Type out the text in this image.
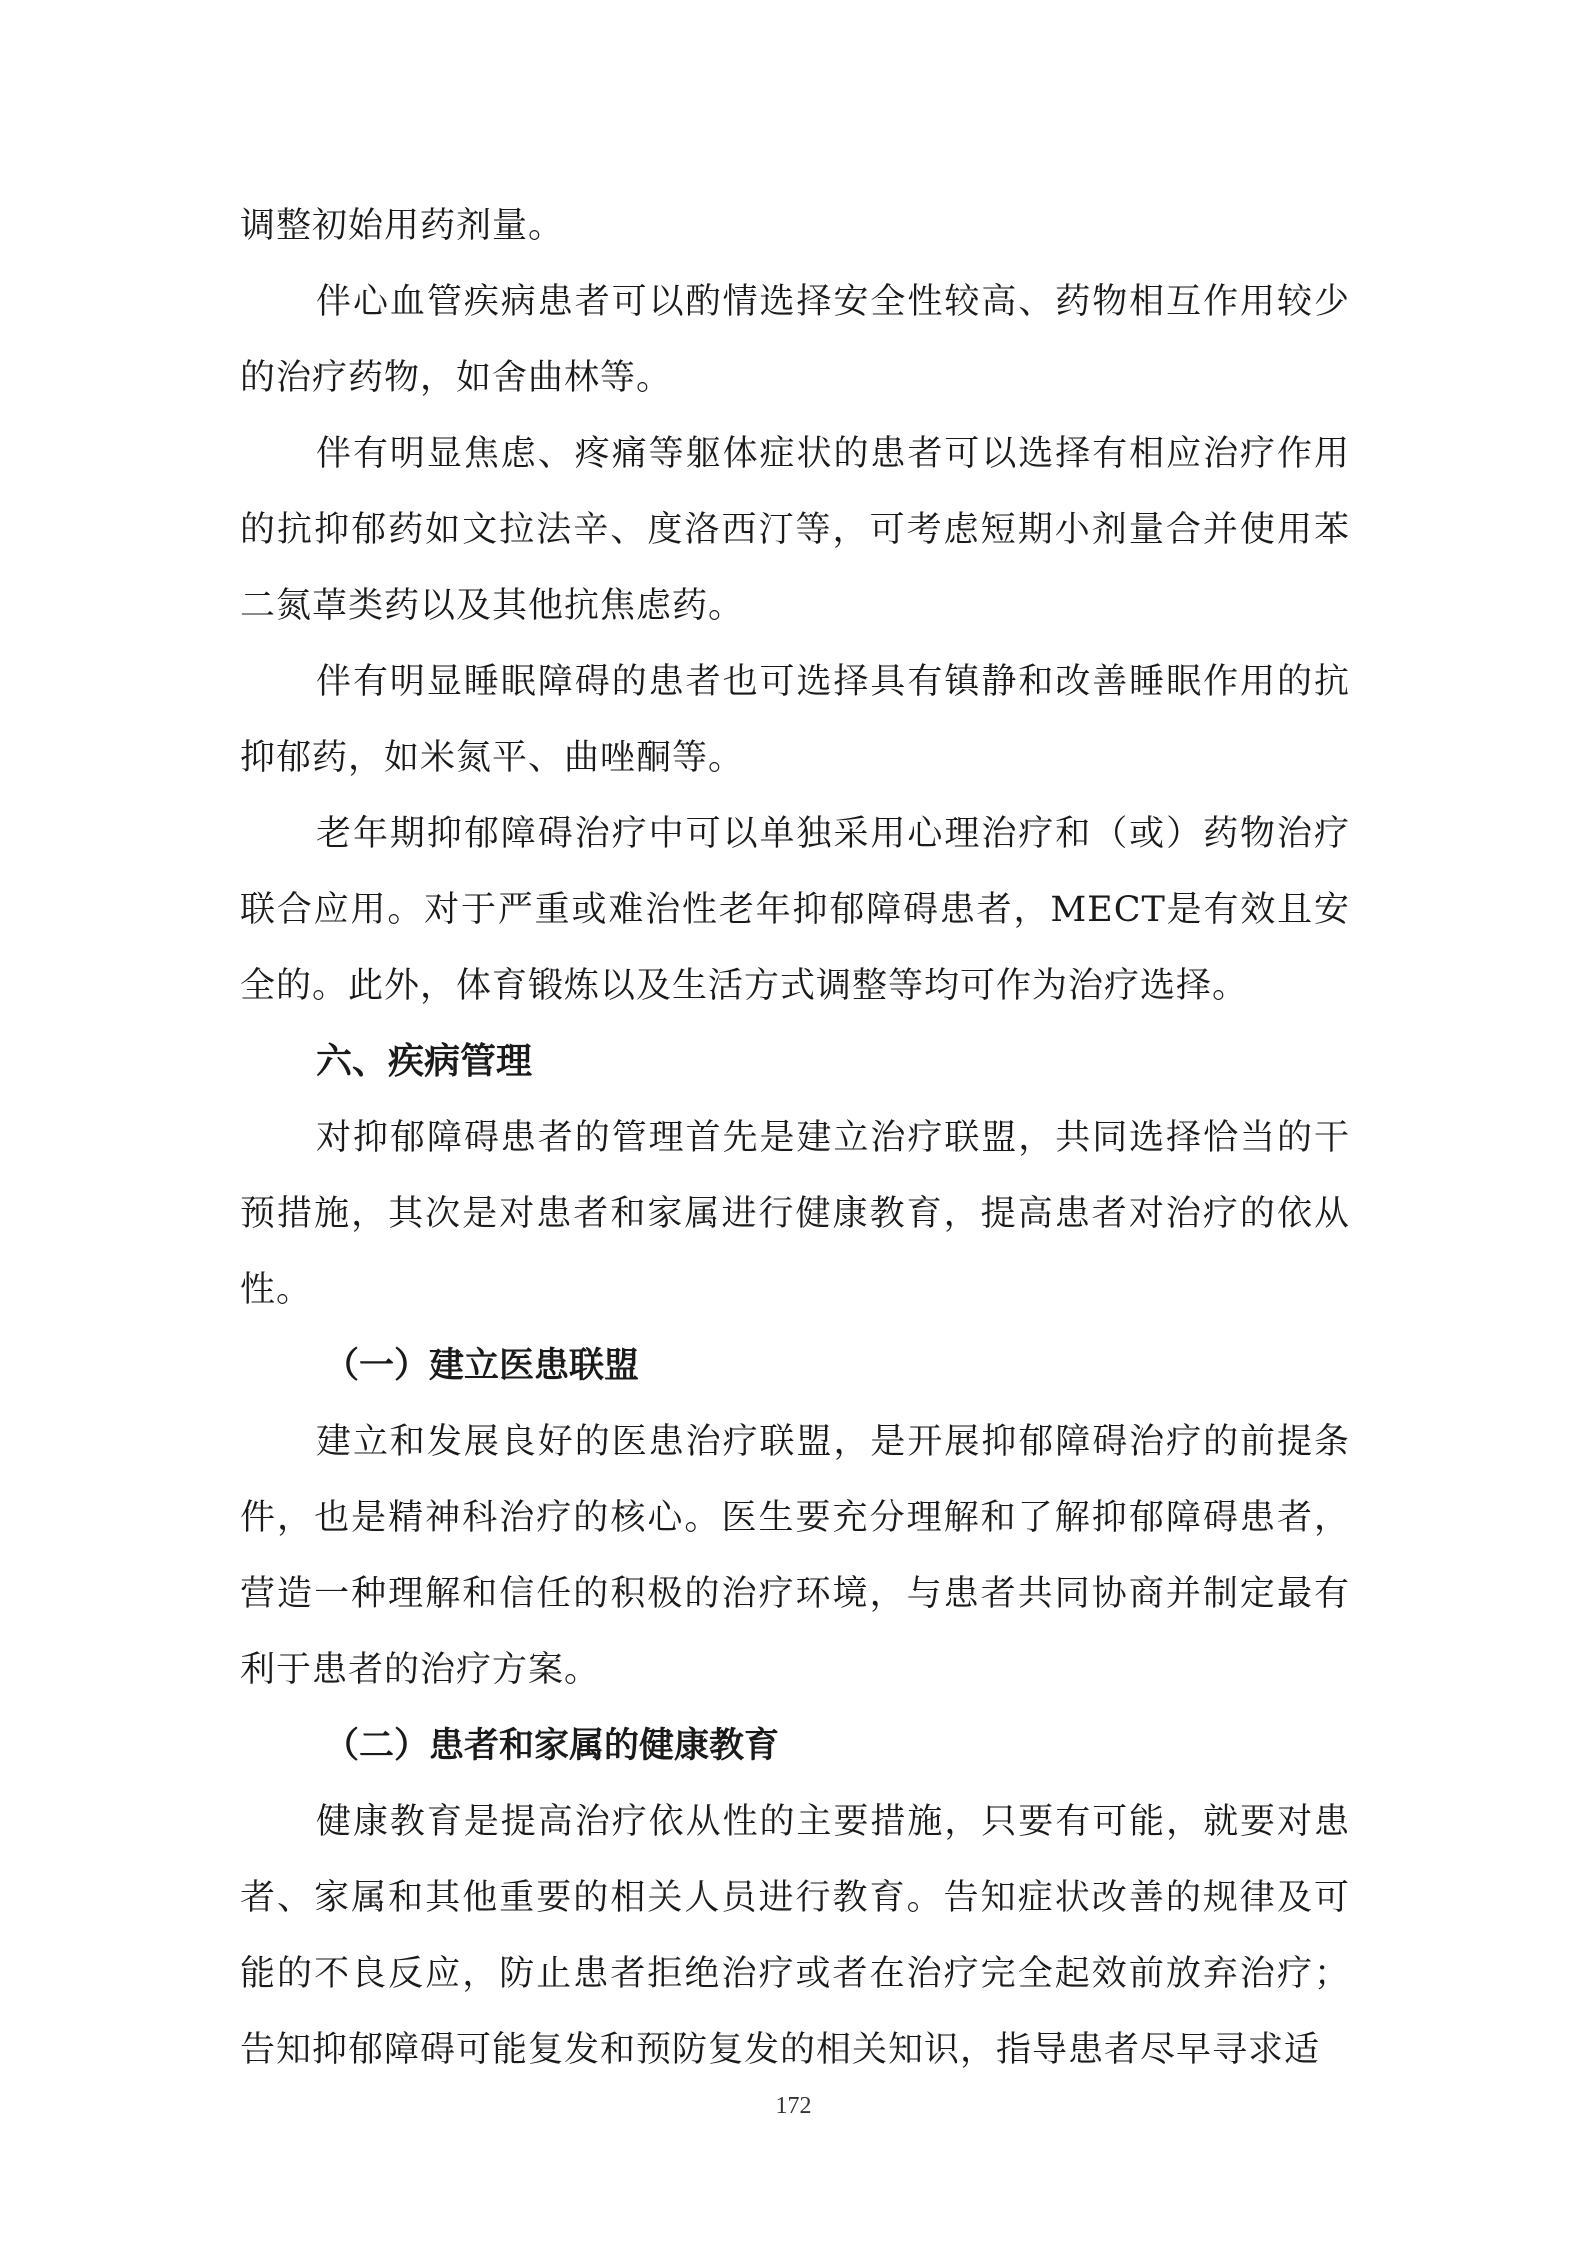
调整初始用药剂量。

伴心血管疾病患者可以酌情选择安全性较高、药物相互作用较少的治疗药物，如舍曲林等。

伴有明显焦虑、疼痛等躯体症状的患者可以选择有相应治疗作用的抗抑郁药如文拉法辛、度洛西汀等，可考虑短期小剂量合并使用苯二氮䓬类药以及其他抗焦虑药。

伴有明显睡眠障碍的患者也可选择具有镇静和改善睡眠作用的抗抑郁药，如米氮平、曲唑酮等。

老年期抑郁障碍治疗中可以单独采用心理治疗和（或）药物治疗联合应用。对于严重或难治性老年抑郁障碍患者，MECT是有效且安全的。此外，体育锻炼以及生活方式调整等均可作为治疗选择。

六、疾病管理

对抑郁障碍患者的管理首先是建立治疗联盟，共同选择恰当的干预措施，其次是对患者和家属进行健康教育，提高患者对治疗的依从性。

（一）建立医患联盟

建立和发展良好的医患治疗联盟，是开展抑郁障碍治疗的前提条件，也是精神科治疗的核心。医生要充分理解和了解抑郁障碍患者，营造一种理解和信任的积极的治疗环境，与患者共同协商并制定最有利于患者的治疗方案。

（二）患者和家属的健康教育

健康教育是提高治疗依从性的主要措施，只要有可能，就要对患者、家属和其他重要的相关人员进行教育。告知症状改善的规律及可能的不良反应，防止患者拒绝治疗或者在治疗完全起效前放弃治疗；告知抑郁障碍可能复发和预防复发的相关知识，指导患者尽早寻求适

172
